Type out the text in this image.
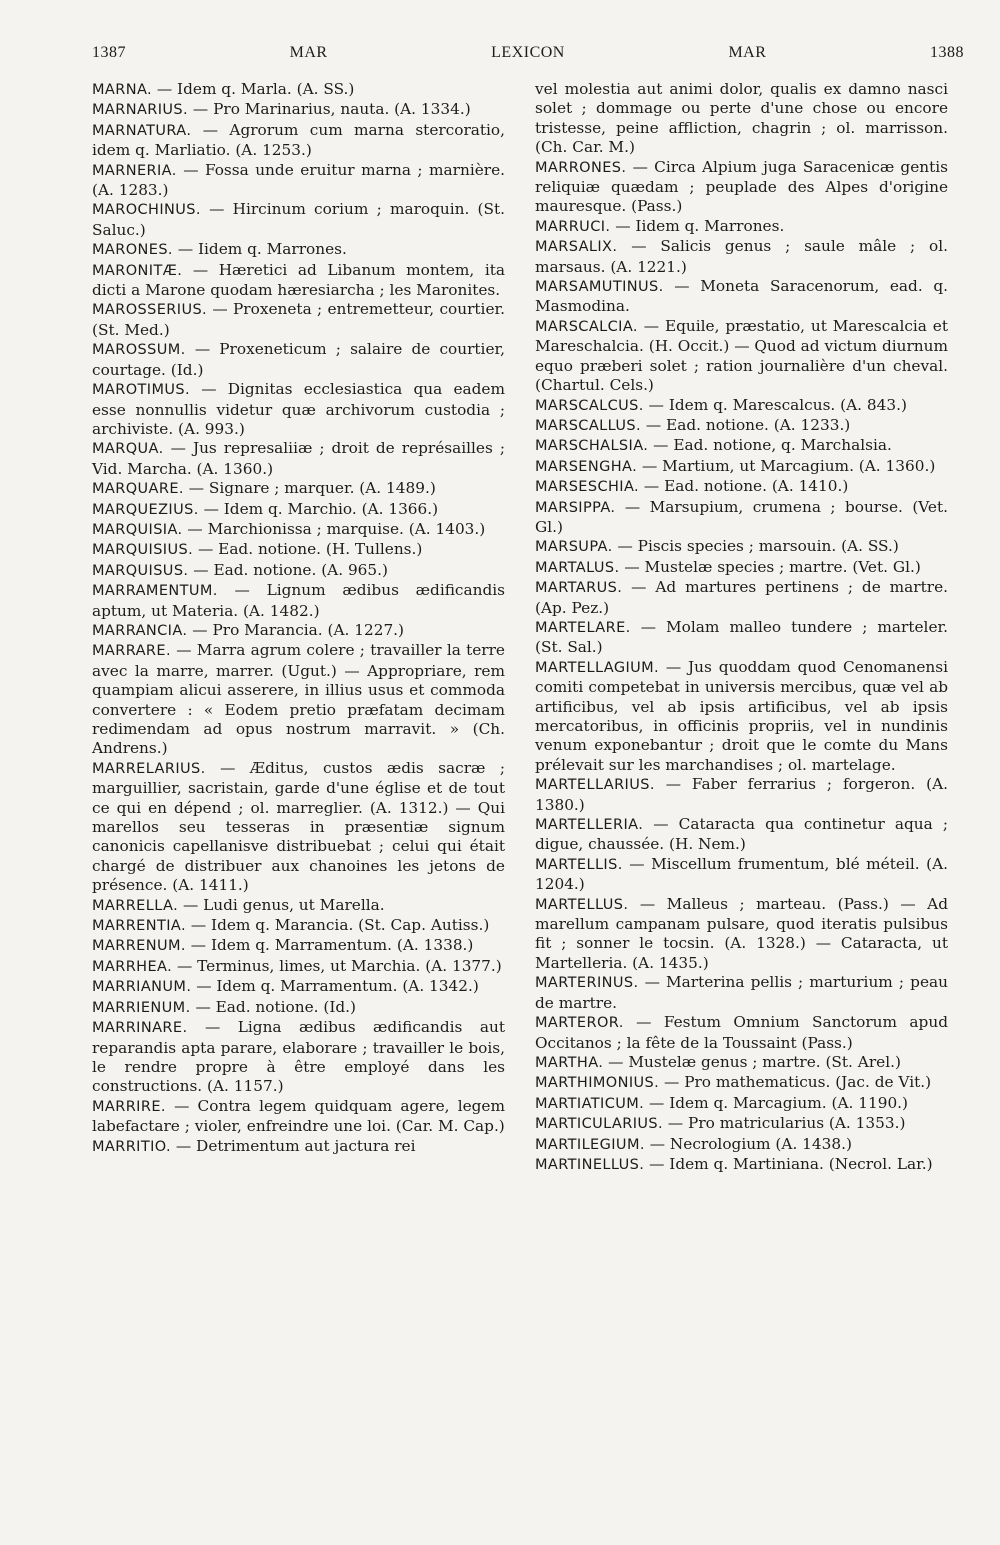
1387	MAR	LEXICON	MAR	1388

MARNA. — Idem q. Marla. (A. SS.)

MARNARIUS. — Pro Marinarius, nauta. (A. 1334.)

MARNATURA. — Agrorum cum marna stercoratio, idem q. Marliatio. (A. 1253.)

MARNERIA. — Fossa unde eruitur marna ; marnière. (A. 1283.)

MAROCHINUS. — Hircinum corium ; maroquin. (St. Saluc.)

MARONES. — Iidem q. Marrones.

MARONITÆ. — Hæretici ad Libanum montem, ita dicti a Marone quodam hæresiarcha ; les Maronites.

MAROSSERIUS. — Proxeneta ; entremetteur, courtier. (St. Med.)

MAROSSUM. — Proxeneticum ; salaire de courtier, courtage. (Id.)

MAROTIMUS. — Dignitas ecclesiastica qua eadem esse nonnullis videtur quæ archivorum custodia ; archiviste. (A. 993.)

MARQUA. — Jus represaliiæ ; droit de représailles ; Vid. Marcha. (A. 1360.)

MARQUARE. — Signare ; marquer. (A. 1489.)

MARQUEZIUS. — Idem q. Marchio. (A. 1366.)

MARQUISIA. — Marchionissa ; marquise. (A. 1403.)

MARQUISIUS. — Ead. notione. (H. Tullens.)

MARQUISUS. — Ead. notione. (A. 965.)

MARRAMENTUM. — Lignum ædibus ædificandis aptum, ut Materia. (A. 1482.)

MARRANCIA. — Pro Marancia. (A. 1227.)

MARRARE. — Marra agrum colere ; travailler la terre avec la marre, marrer. (Ugut.) — Appropriare, rem quampiam alicui asserere, in illius usus et commoda convertere : « Eodem pretio præfatam decimam redimendam ad opus nostrum marravit. » (Ch. Andrens.)

MARRELARIUS. — Æditus, custos ædis sacræ ; marguillier, sacristain, garde d'une église et de tout ce qui en dépend ; ol. marreglier. (A. 1312.) — Qui marellos seu tesseras in præsentiæ signum canonicis capellanisve distribuebat ; celui qui était chargé de distribuer aux chanoines les jetons de présence. (A. 1411.)

MARRELLA. — Ludi genus, ut Marella.

MARRENTIA. — Idem q. Marancia. (St. Cap. Autiss.)

MARRENUM. — Idem q. Marramentum. (A. 1338.)

MARRHEA. — Terminus, limes, ut Marchia. (A. 1377.)

MARRIANUM. — Idem q. Marramentum. (A. 1342.)

MARRIENUM. — Ead. notione. (Id.)

MARRINARE. — Ligna ædibus ædificandis aut reparandis apta parare, elaborare ; travailler le bois, le rendre propre à être employé dans les constructions. (A. 1157.)

MARRIRE. — Contra legem quidquam agere, legem labefactare ; violer, enfreindre une loi. (Car. M. Cap.)

MARRITIO. — Detrimentum aut jactura rei

vel molestia aut animi dolor, qualis ex damno nasci solet ; dommage ou perte d'une chose ou encore tristesse, peine affliction, chagrin ; ol. marrisson. (Ch. Car. M.)

MARRONES. — Circa Alpium juga Saracenicæ gentis reliquiæ quædam ; peuplade des Alpes d'origine mauresque. (Pass.)

MARRUCI. — Iidem q. Marrones.

MARSALIX. — Salicis genus ; saule mâle ; ol. marsaus. (A. 1221.)

MARSAMUTINUS. — Moneta Saracenorum, ead. q. Masmodina.

MARSCALCIA. — Equile, præstatio, ut Marescalcia et Mareschalcia. (H. Occit.) — Quod ad victum diurnum equo præberi solet ; ration journalière d'un cheval. (Chartul. Cels.)

MARSCALCUS. — Idem q. Marescalcus. (A. 843.)

MARSCALLUS. — Ead. notione. (A. 1233.)

MARSCHALSIA. — Ead. notione, q. Marchalsia.

MARSENGHA. — Martium, ut Marcagium. (A. 1360.)

MARSESCHIA. — Ead. notione. (A. 1410.)

MARSIPPA. — Marsupium, crumena ; bourse. (Vet. Gl.)

MARSUPA. — Piscis species ; marsouin. (A. SS.)

MARTALUS. — Mustelæ species ; martre. (Vet. Gl.)

MARTARUS. — Ad martures pertinens ; de martre. (Ap. Pez.)

MARTELARE. — Molam malleo tundere ; marteler. (St. Sal.)

MARTELLAGIUM. — Jus quoddam quod Cenomanensi comiti competebat in universis mercibus, quæ vel ab artificibus, vel ab ipsis artificibus, vel ab ipsis mercatoribus, in officinis propriis, vel in nundinis venum exponebantur ; droit que le comte du Mans prélevait sur les marchandises ; ol. martelage.

MARTELLARIUS. — Faber ferrarius ; forgeron. (A. 1380.)

MARTELLERIA. — Cataracta qua continetur aqua ; digue, chaussée. (H. Nem.)

MARTELLIS. — Miscellum frumentum, blé méteil. (A. 1204.)

MARTELLUS. — Malleus ; marteau. (Pass.) — Ad marellum campanam pulsare, quod iteratis pulsibus fit ; sonner le tocsin. (A. 1328.) — Cataracta, ut Martelleria. (A. 1435.)

MARTERINUS. — Marterina pellis ; marturium ; peau de martre.

MARTEROR. — Festum Omnium Sanctorum apud Occitanos ; la fête de la Toussaint (Pass.)

MARTHA. — Mustelæ genus ; martre. (St. Arel.)

MARTHIMONIUS. — Pro mathematicus. (Jac. de Vit.)

MARTIATICUM. — Idem q. Marcagium. (A. 1190.)

MARTICULARIUS. — Pro matricularius (A. 1353.)

MARTILEGIUM. — Necrologium (A. 1438.)

MARTINELLUS. — Idem q. Martiniana. (Necrol. Lar.)
